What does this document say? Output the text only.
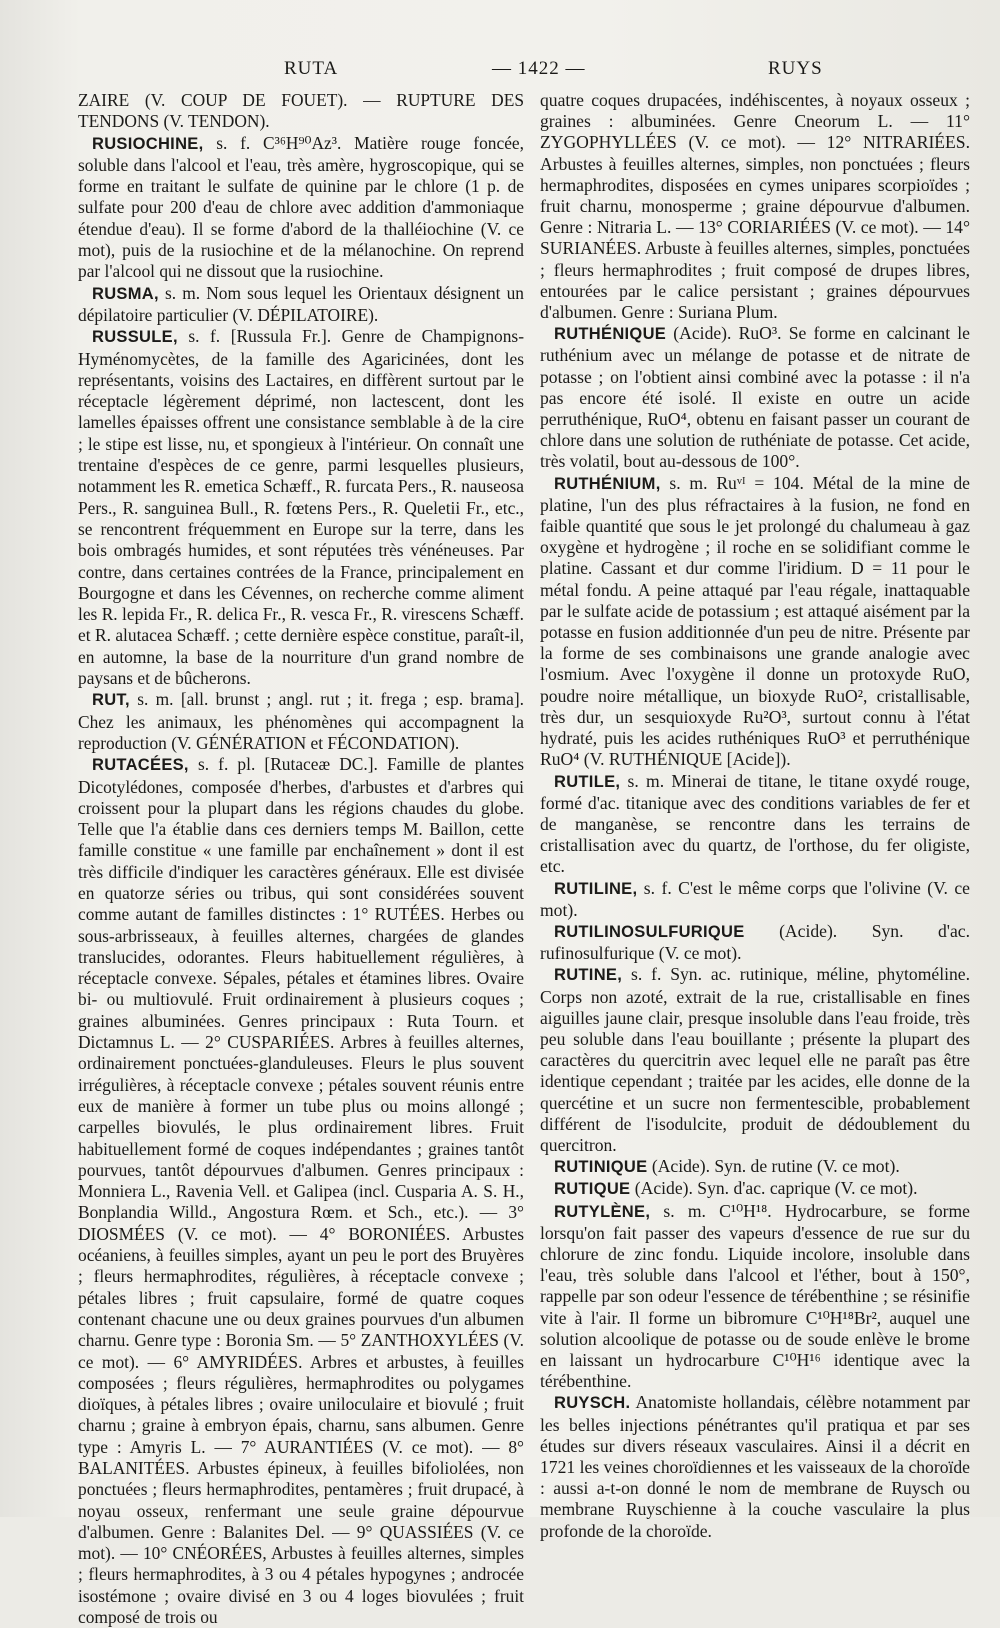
RUTA	— 1422 —	RUYS

ZAIRE (V. COUP DE FOUET). — RUPTURE DES TENDONS (V. TENDON).

RUSIOCHINE, s. f. C³⁶H⁹⁰Az³. Matière rouge foncée, soluble dans l'alcool et l'eau, très amère, hygroscopique, qui se forme en traitant le sulfate de quinine par le chlore (1 p. de sulfate pour 200 d'eau de chlore avec addition d'ammoniaque étendue d'eau). Il se forme d'abord de la thalléiochine (V. ce mot), puis de la rusiochine et de la mélanochine. On reprend par l'alcool qui ne dissout que la rusiochine.

RUSMA, s. m. Nom sous lequel les Orientaux désignent un dépilatoire particulier (V. DÉPILATOIRE).

RUSSULE, s. f. [Russula Fr.]. Genre de Champignons-Hyménomycètes, de la famille des Agaricinées, dont les représentants, voisins des Lactaires, en diffèrent surtout par le réceptacle légèrement déprimé, non lactescent, dont les lamelles épaisses offrent une consistance semblable à de la cire ; le stipe est lisse, nu, et spongieux à l'intérieur. On connaît une trentaine d'espèces de ce genre, parmi lesquelles plusieurs, notamment les R. emetica Schæff., R. furcata Pers., R. nauseosa Pers., R. sanguinea Bull., R. fœtens Pers., R. Queletii Fr., etc., se rencontrent fréquemment en Europe sur la terre, dans les bois ombragés humides, et sont réputées très vénéneuses. Par contre, dans certaines contrées de la France, principalement en Bourgogne et dans les Cévennes, on recherche comme aliment les R. lepida Fr., R. delica Fr., R. vesca Fr., R. virescens Schæff. et R. alutacea Schæff. ; cette dernière espèce constitue, paraît-il, en automne, la base de la nourriture d'un grand nombre de paysans et de bûcherons.

RUT, s. m. [all. brunst ; angl. rut ; it. frega ; esp. brama]. Chez les animaux, les phénomènes qui accompagnent la reproduction (V. GÉNÉRATION et FÉCONDATION).

RUTACÉES, s. f. pl. [Rutaceæ DC.]. Famille de plantes Dicotylédones, composée d'herbes, d'arbustes et d'arbres qui croissent pour la plupart dans les régions chaudes du globe. Telle que l'a établie dans ces derniers temps M. Baillon, cette famille constitue « une famille par enchaînement » dont il est très difficile d'indiquer les caractères généraux. Elle est divisée en quatorze séries ou tribus, qui sont considérées souvent comme autant de familles distinctes : 1° RUTÉES. Herbes ou sous-arbrisseaux, à feuilles alternes, chargées de glandes translucides, odorantes. Fleurs habituellement régulières, à réceptacle convexe. Sépales, pétales et étamines libres. Ovaire bi- ou multiovulé. Fruit ordinairement à plusieurs coques ; graines albuminées. Genres principaux : Ruta Tourn. et Dictamnus L. — 2° CUSPARIÉES. Arbres à feuilles alternes, ordinairement ponctuées-glanduleuses. Fleurs le plus souvent irrégulières, à réceptacle convexe ; pétales souvent réunis entre eux de manière à former un tube plus ou moins allongé ; carpelles biovulés, le plus ordinairement libres. Fruit habituellement formé de coques indépendantes ; graines tantôt pourvues, tantôt dépourvues d'albumen. Genres principaux : Monniera L., Ravenia Vell. et Galipea (incl. Cusparia A. S. H., Bonplandia Willd., Angostura Rœm. et Sch., etc.). — 3° DIOSMÉES (V. ce mot). — 4° BORONIÉES. Arbustes océaniens, à feuilles simples, ayant un peu le port des Bruyères ; fleurs hermaphrodites, régulières, à réceptacle convexe ; pétales libres ; fruit capsulaire, formé de quatre coques contenant chacune une ou deux graines pourvues d'un albumen charnu. Genre type : Boronia Sm. — 5° ZANTHOXYLÉES (V. ce mot). — 6° AMYRIDÉES. Arbres et arbustes, à feuilles composées ; fleurs régulières, hermaphrodites ou polygames dioïques, à pétales libres ; ovaire uniloculaire et biovulé ; fruit charnu ; graine à embryon épais, charnu, sans albumen. Genre type : Amyris L. — 7° AURANTIÉES (V. ce mot). — 8° BALANITÉES. Arbustes épineux, à feuilles bifoliolées, non ponctuées ; fleurs hermaphrodites, pentamères ; fruit drupacé, à noyau osseux, renfermant une seule graine dépourvue d'albumen. Genre : Balanites Del. — 9° QUASSIÉES (V. ce mot). — 10° CNÉORÉES, Arbustes à feuilles alternes, simples ; fleurs hermaphrodites, à 3 ou 4 pétales hypogynes ; androcée isostémone ; ovaire divisé en 3 ou 4 loges biovulées ; fruit composé de trois ou

quatre coques drupacées, indéhiscentes, à noyaux osseux ; graines : albuminées. Genre Cneorum L. — 11° ZYGOPHYLLÉES (V. ce mot). — 12° NITRARIÉES. Arbustes à feuilles alternes, simples, non ponctuées ; fleurs hermaphrodites, disposées en cymes unipares scorpioïdes ; fruit charnu, monosperme ; graine dépourvue d'albumen. Genre : Nitraria L. — 13° CORIARIÉES (V. ce mot). — 14° SURIANÉES. Arbuste à feuilles alternes, simples, ponctuées ; fleurs hermaphrodites ; fruit composé de drupes libres, entourées par le calice persistant ; graines dépourvues d'albumen. Genre : Suriana Plum.

RUTHÉNIQUE (Acide). RuO³. Se forme en calcinant le ruthénium avec un mélange de potasse et de nitrate de potasse ; on l'obtient ainsi combiné avec la potasse : il n'a pas encore été isolé. Il existe en outre un acide perruthénique, RuO⁴, obtenu en faisant passer un courant de chlore dans une solution de ruthéniate de potasse. Cet acide, très volatil, bout au-dessous de 100°.

RUTHÉNIUM, s. m. Ruᵛᴵ = 104. Métal de la mine de platine, l'un des plus réfractaires à la fusion, ne fond en faible quantité que sous le jet prolongé du chalumeau à gaz oxygène et hydrogène ; il roche en se solidifiant comme le platine. Cassant et dur comme l'iridium. D = 11 pour le métal fondu. A peine attaqué par l'eau régale, inattaquable par le sulfate acide de potassium ; est attaqué aisément par la potasse en fusion additionnée d'un peu de nitre. Présente par la forme de ses combinaisons une grande analogie avec l'osmium. Avec l'oxygène il donne un protoxyde RuO, poudre noire métallique, un bioxyde RuO², cristallisable, très dur, un sesquioxyde Ru²O³, surtout connu à l'état hydraté, puis les acides ruthéniques RuO³ et perruthénique RuO⁴ (V. RUTHÉNIQUE [Acide]).

RUTILE, s. m. Minerai de titane, le titane oxydé rouge, formé d'ac. titanique avec des conditions variables de fer et de manganèse, se rencontre dans les terrains de cristallisation avec du quartz, de l'orthose, du fer oligiste, etc.

RUTILINE, s. f. C'est le même corps que l'olivine (V. ce mot).

RUTILINOSULFURIQUE (Acide). Syn. d'ac. rufinosulfurique (V. ce mot).

RUTINE, s. f. Syn. ac. rutinique, méline, phytoméline. Corps non azoté, extrait de la rue, cristallisable en fines aiguilles jaune clair, presque insoluble dans l'eau froide, très peu soluble dans l'eau bouillante ; présente la plupart des caractères du quercitrin avec lequel elle ne paraît pas être identique cependant ; traitée par les acides, elle donne de la quercétine et un sucre non fermentescible, probablement différent de l'isodulcite, produit de dédoublement du quercitron.

RUTINIQUE (Acide). Syn. de rutine (V. ce mot).

RUTIQUE (Acide). Syn. d'ac. caprique (V. ce mot).

RUTYLÈNE, s. m. C¹⁰H¹⁸. Hydrocarbure, se forme lorsqu'on fait passer des vapeurs d'essence de rue sur du chlorure de zinc fondu. Liquide incolore, insoluble dans l'eau, très soluble dans l'alcool et l'éther, bout à 150°, rappelle par son odeur l'essence de térébenthine ; se résinifie vite à l'air. Il forme un bibromure C¹⁰H¹⁸Br², auquel une solution alcoolique de potasse ou de soude enlève le brome en laissant un hydrocarbure C¹⁰H¹⁶ identique avec la térébenthine.

RUYSCH. Anatomiste hollandais, célèbre notamment par les belles injections pénétrantes qu'il pratiqua et par ses études sur divers réseaux vasculaires. Ainsi il a décrit en 1721 les veines choroïdiennes et les vaisseaux de la choroïde : aussi a-t-on donné le nom de membrane de Ruysch ou membrane Ruyschienne à la couche vasculaire la plus profonde de la choroïde.
